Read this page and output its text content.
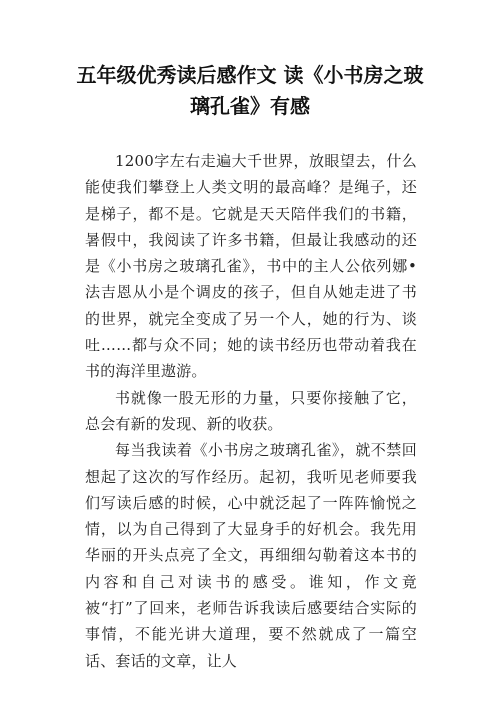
五年级优秀读后感作文 读《小书房之玻璃孔雀》有感

1200字左右走遍大千世界，放眼望去，什么能使我们攀登上人类文明的最高峰？是绳子，还是梯子，都不是。它就是天天陪伴我们的书籍，暑假中，我阅读了许多书籍，但最让我感动的还是《小书房之玻璃孔雀》，书中的主人公依列娜•法吉恩从小是个调皮的孩子，但自从她走进了书的世界，就完全变成了另一个人，她的行为、谈吐……都与众不同；她的读书经历也带动着我在书的海洋里遨游。

书就像一股无形的力量，只要你接触了它，总会有新的发现、新的收获。

每当我读着《小书房之玻璃孔雀》，就不禁回想起了这次的写作经历。起初，我听见老师要我们写读后感的时候，心中就泛起了一阵阵愉悦之情，以为自己得到了大显身手的好机会。我先用华丽的开头点亮了全文，再细细勾勒着这本书的内容和自己对读书的感受。谁知，作文竟被“打”了回来，老师告诉我读后感要结合实际的事情，不能光讲大道理，要不然就成了一篇空话、套话的文章，让人
